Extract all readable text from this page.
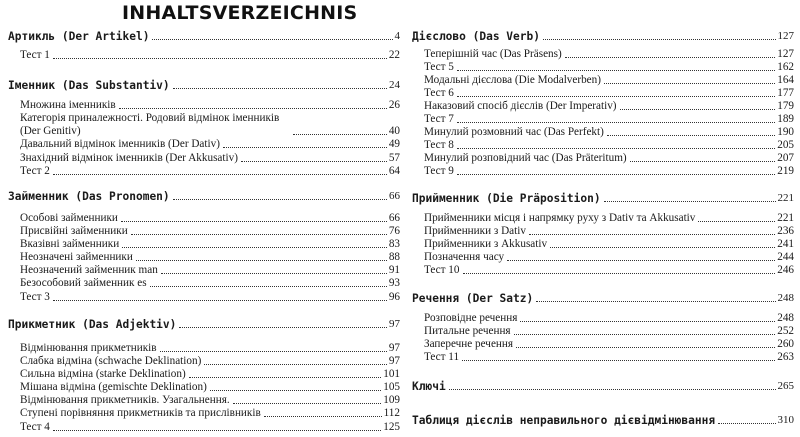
INHALTSVERZEICHNIS
Артикль (Der Artikel)	4
Тест 1	22
Іменник (Das Substantiv)	24
Множина іменників	26
Категорія приналежності. Родовий відмінок іменників (Der Genitiv)	40
Давальний відмінок іменників (Der Dativ)	49
Знахідний відмінок іменників (Der Akkusativ)	57
Тест 2	64
Займенник (Das Pronomen)	66
Особові займенники	66
Присвійні займенники	76
Вказівні займенники	83
Неозначені займенники	88
Неозначений займенник man	91
Безособовий займенник es	93
Тест 3	96
Прикметник (Das Adjektiv)	97
Відмінювання прикметників	97
Слабка відміна (schwache Deklination)	97
Сильна відміна (starke Deklination)	101
Мішана відміна (gemischte Deklination)	105
Відмінювання прикметників. Узагальнення.	109
Ступені порівняння прикметників та прислівників	112
Тест 4	125
Дієслово (Das Verb)	127
Теперішній час (Das Präsens)	127
Тест 5	162
Модальні дієслова (Die Modalverben)	164
Тест 6	177
Наказовий спосіб дієслів (Der Imperativ)	179
Тест 7	189
Минулий розмовний час (Das Perfekt)	190
Тест 8	205
Минулий розповідний час (Das Präteritum)	207
Тест 9	219
Прийменник (Die Präposition)	221
Прийменники місця і напрямку руху з Dativ та Akkusativ	221
Прийменники з Dativ	236
Прийменники з Akkusativ	241
Позначення часу	244
Тест 10	246
Речення (Der Satz)	248
Розповідне речення	248
Питальне речення	252
Заперечне речення	260
Тест 11	263
Ключі	265
Таблиця дієслів неправильного дієвідмінювання	310
